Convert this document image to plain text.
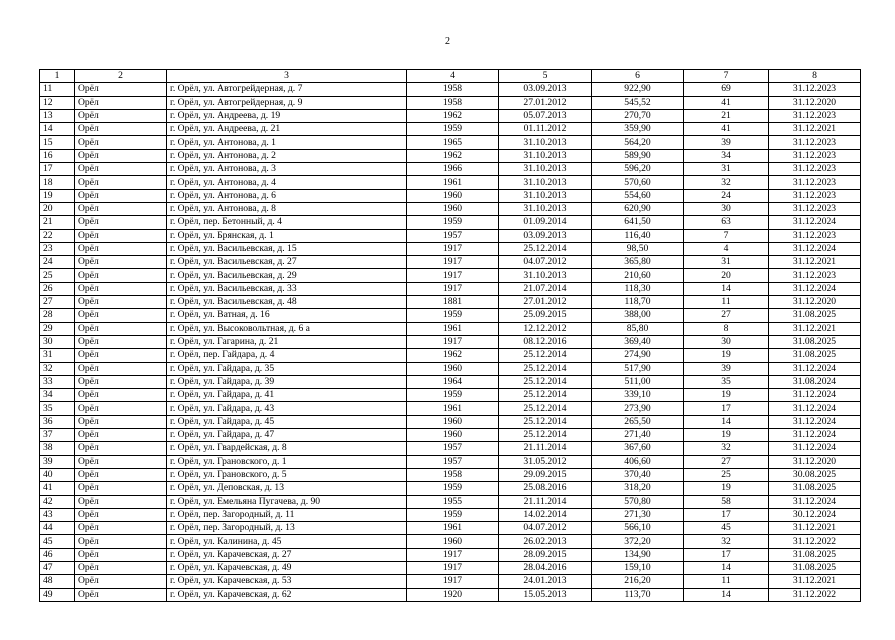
2
1	2	3	4	5	6	7	8
11	Орёл	г. Орёл, ул. Автогрейдерная, д. 7	1958	03.09.2013	922,90	69	31.12.2023
12	Орёл	г. Орёл, ул. Автогрейдерная, д. 9	1958	27.01.2012	545,52	41	31.12.2020
13	Орёл	г. Орёл, ул. Андреева, д. 19	1962	05.07.2013	270,70	21	31.12.2023
14	Орёл	г. Орёл, ул. Андреева, д. 21	1959	01.11.2012	359,90	41	31.12.2021
15	Орёл	г. Орёл, ул. Антонова, д. 1	1965	31.10.2013	564,20	39	31.12.2023
16	Орёл	г. Орёл, ул. Антонова, д. 2	1962	31.10.2013	589,90	34	31.12.2023
17	Орёл	г. Орёл, ул. Антонова, д. 3	1966	31.10.2013	596,20	31	31.12.2023
18	Орёл	г. Орёл, ул. Антонова, д. 4	1961	31.10.2013	570,60	32	31.12.2023
19	Орёл	г. Орёл, ул. Антонова, д. 6	1960	31.10.2013	554,60	24	31.12.2023
20	Орёл	г. Орёл, ул. Антонова, д. 8	1960	31.10.2013	620,90	30	31.12.2023
21	Орёл	г. Орёл, пер. Бетонный, д. 4	1959	01.09.2014	641,50	63	31.12.2024
22	Орёл	г. Орёл, ул. Брянская, д. 1	1957	03.09.2013	116,40	7	31.12.2023
23	Орёл	г. Орёл, ул. Васильевская, д. 15	1917	25.12.2014	98,50	4	31.12.2024
24	Орёл	г. Орёл, ул. Васильевская, д. 27	1917	04.07.2012	365,80	31	31.12.2021
25	Орёл	г. Орёл, ул. Васильевская, д. 29	1917	31.10.2013	210,60	20	31.12.2023
26	Орёл	г. Орёл, ул. Васильевская, д. 33	1917	21.07.2014	118,30	14	31.12.2024
27	Орёл	г. Орёл, ул. Васильевская, д. 48	1881	27.01.2012	118,70	11	31.12.2020
28	Орёл	г. Орёл, ул. Ватная, д. 16	1959	25.09.2015	388,00	27	31.08.2025
29	Орёл	г. Орёл, ул. Высоковольтная, д. 6 а	1961	12.12.2012	85,80	8	31.12.2021
30	Орёл	г. Орёл, ул. Гагарина, д. 21	1917	08.12.2016	369,40	30	31.08.2025
31	Орёл	г. Орёл, пер. Гайдара, д. 4	1962	25.12.2014	274,90	19	31.08.2025
32	Орёл	г. Орёл, ул. Гайдара, д. 35	1960	25.12.2014	517,90	39	31.12.2024
33	Орёл	г. Орёл, ул. Гайдара, д. 39	1964	25.12.2014	511,00	35	31.08.2024
34	Орёл	г. Орёл, ул. Гайдара, д. 41	1959	25.12.2014	339,10	19	31.12.2024
35	Орёл	г. Орёл, ул. Гайдара, д. 43	1961	25.12.2014	273,90	17	31.12.2024
36	Орёл	г. Орёл, ул. Гайдара, д. 45	1960	25.12.2014	265,50	14	31.12.2024
37	Орёл	г. Орёл, ул. Гайдара, д. 47	1960	25.12.2014	271,40	19	31.12.2024
38	Орёл	г. Орёл, ул. Гвардейская, д. 8	1957	21.11.2014	367,60	32	31.12.2024
39	Орёл	г. Орёл, ул. Грановского, д. 1	1957	31.05.2012	406,60	27	31.12.2020
40	Орёл	г. Орёл, ул. Грановского, д. 5	1958	29.09.2015	370,40	25	30.08.2025
41	Орёл	г. Орёл, ул. Деповская, д. 13	1959	25.08.2016	318,20	19	31.08.2025
42	Орёл	г. Орёл, ул. Емельяна Пугачева, д. 90	1955	21.11.2014	570,80	58	31.12.2024
43	Орёл	г. Орёл, пер. Загородный, д. 11	1959	14.02.2014	271,30	17	30.12.2024
44	Орёл	г. Орёл, пер. Загородный, д. 13	1961	04.07.2012	566,10	45	31.12.2021
45	Орёл	г. Орёл, ул. Калинина, д. 45	1960	26.02.2013	372,20	32	31.12.2022
46	Орёл	г. Орёл, ул. Карачевская, д. 27	1917	28.09.2015	134,90	17	31.08.2025
47	Орёл	г. Орёл, ул. Карачевская, д. 49	1917	28.04.2016	159,10	14	31.08.2025
48	Орёл	г. Орёл, ул. Карачевская, д. 53	1917	24.01.2013	216,20	11	31.12.2021
49	Орёл	г. Орёл, ул. Карачевская, д. 62	1920	15.05.2013	113,70	14	31.12.2022
